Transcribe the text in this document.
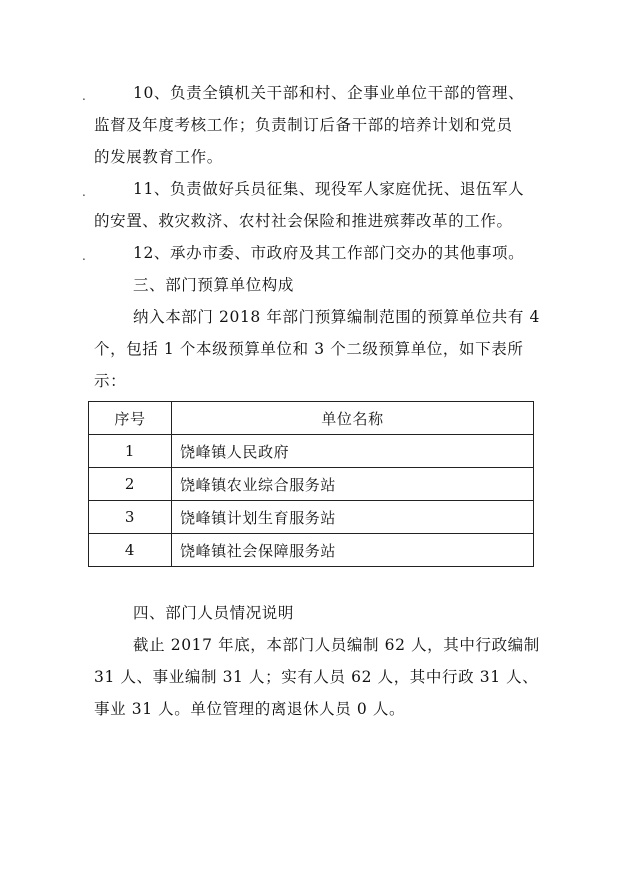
.	10、负责全镇机关干部和村、企事业单位干部的管理、
监督及年度考核工作；负责制订后备干部的培养计划和党员
的发展教育工作。
.	11、负责做好兵员征集、现役军人家庭优抚、退伍军人
的安置、救灾救济、农村社会保险和推进殡葬改革的工作。
.	12、承办市委、市政府及其工作部门交办的其他事项。
三、部门预算单位构成
纳入本部门 2018 年部门预算编制范围的预算单位共有 4
个，包括 1 个本级预算单位和 3 个二级预算单位，如下表所
示：
序号	单位名称
1	饶峰镇人民政府
2	饶峰镇农业综合服务站
3	饶峰镇计划生育服务站
4	饶峰镇社会保障服务站
四、部门人员情况说明
截止 2017 年底，本部门人员编制 62 人，其中行政编制
31 人、事业编制 31 人；实有人员 62 人，其中行政 31 人、
事业 31 人。单位管理的离退休人员 0 人。
